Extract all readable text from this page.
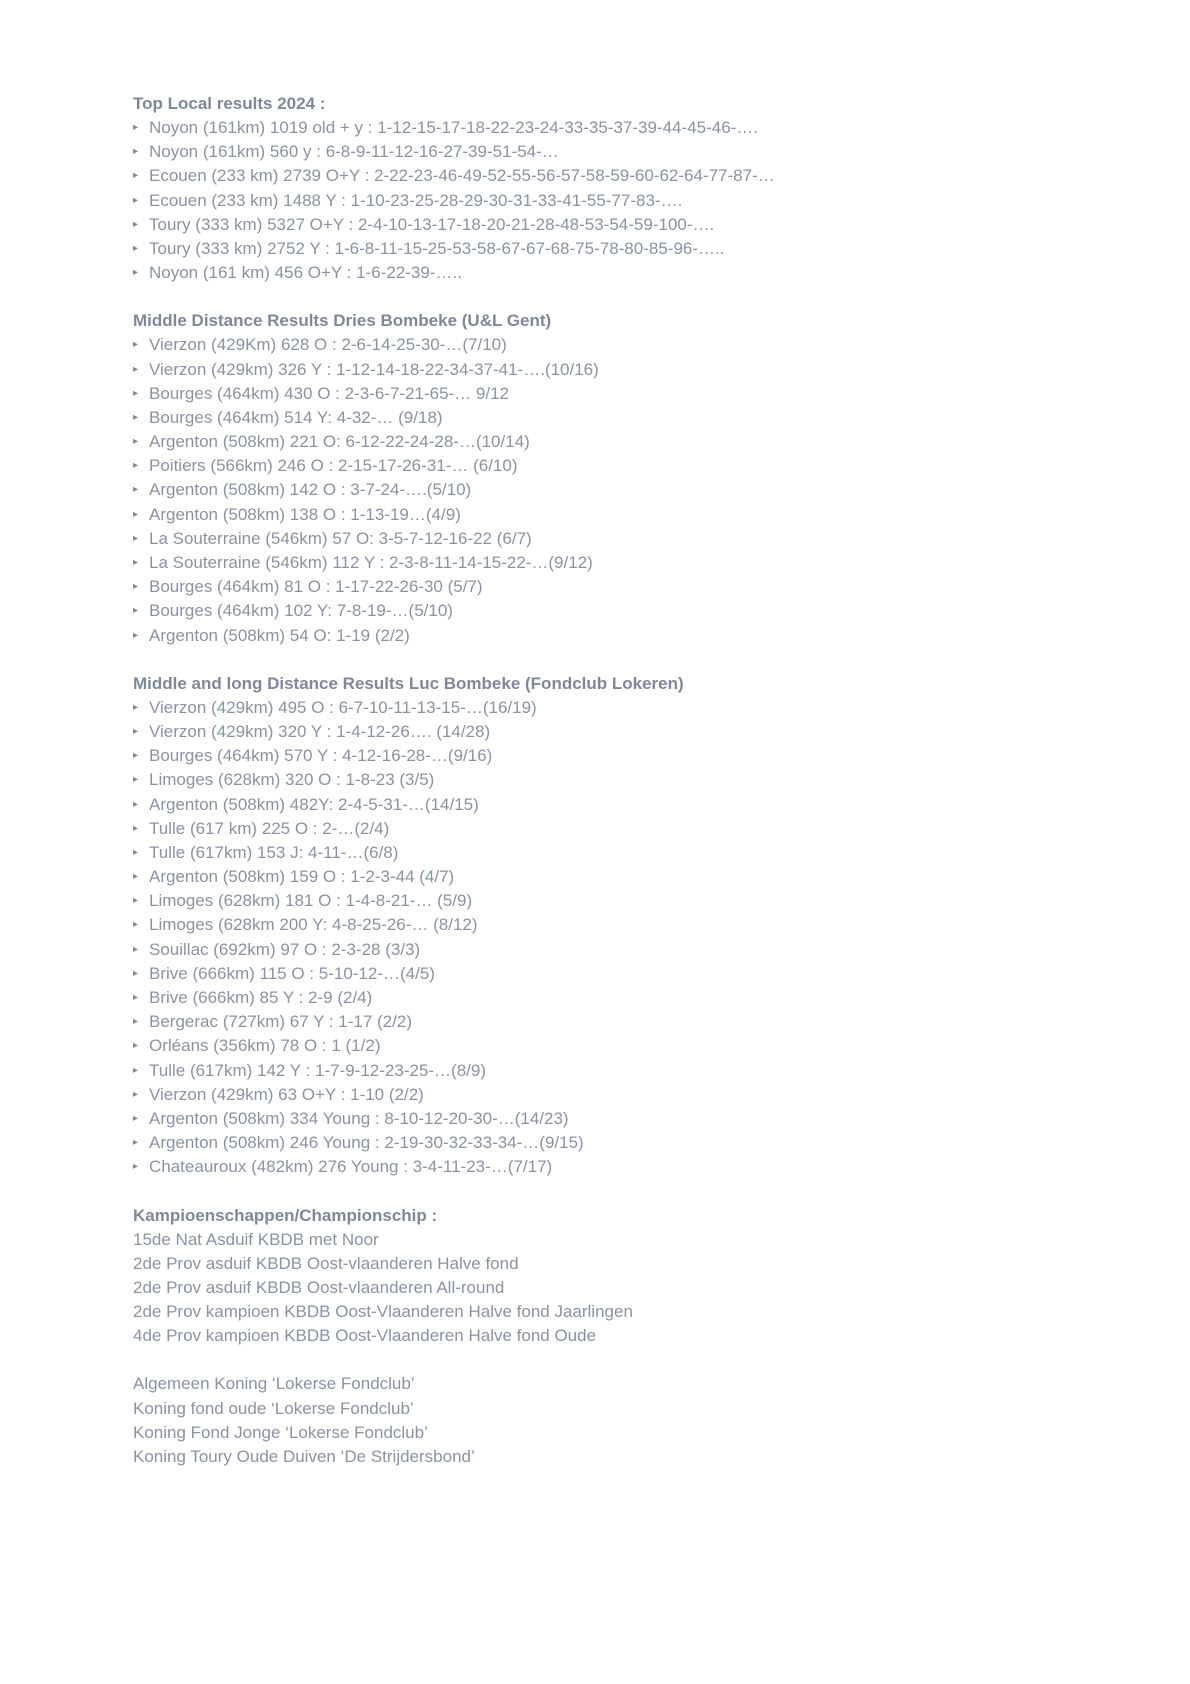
Top Local results 2024 :
▸ Noyon (161km) 1019 old + y : 1-12-15-17-18-22-23-24-33-35-37-39-44-45-46-….
▸ Noyon (161km) 560 y : 6-8-9-11-12-16-27-39-51-54-…
▸ Ecouen (233 km) 2739 O+Y : 2-22-23-46-49-52-55-56-57-58-59-60-62-64-77-87-…
▸ Ecouen (233 km) 1488 Y : 1-10-23-25-28-29-30-31-33-41-55-77-83-….
▸ Toury (333 km) 5327 O+Y : 2-4-10-13-17-18-20-21-28-48-53-54-59-100-….
▸ Toury (333 km) 2752 Y : 1-6-8-11-15-25-53-58-67-67-68-75-78-80-85-96-…..
▸ Noyon (161 km) 456 O+Y : 1-6-22-39-…..
Middle Distance Results Dries Bombeke (U&L Gent)
▸ Vierzon (429Km) 628 O : 2-6-14-25-30-…(7/10)
▸ Vierzon (429km) 326 Y : 1-12-14-18-22-34-37-41-….(10/16)
▸ Bourges (464km) 430 O : 2-3-6-7-21-65-… 9/12
▸ Bourges (464km) 514 Y: 4-32-… (9/18)
▸ Argenton (508km) 221 O: 6-12-22-24-28-…(10/14)
▸ Poitiers (566km) 246 O : 2-15-17-26-31-… (6/10)
▸ Argenton (508km) 142 O : 3-7-24-….(5/10)
▸ Argenton (508km) 138 O : 1-13-19…(4/9)
▸ La Souterraine (546km) 57 O: 3-5-7-12-16-22 (6/7)
▸ La Souterraine (546km) 112 Y : 2-3-8-11-14-15-22-…(9/12)
▸ Bourges (464km) 81 O : 1-17-22-26-30 (5/7)
▸ Bourges (464km) 102 Y: 7-8-19-…(5/10)
▸ Argenton (508km) 54 O: 1-19 (2/2)
Middle and long Distance Results Luc Bombeke (Fondclub Lokeren)
▸ Vierzon (429km) 495 O : 6-7-10-11-13-15-…(16/19)
▸ Vierzon (429km) 320 Y : 1-4-12-26…. (14/28)
▸ Bourges (464km) 570 Y : 4-12-16-28-…(9/16)
▸ Limoges (628km) 320 O : 1-8-23 (3/5)
▸ Argenton (508km) 482Y: 2-4-5-31-…(14/15)
▸ Tulle (617 km) 225 O : 2-…(2/4)
▸ Tulle (617km) 153 J: 4-11-…(6/8)
▸ Argenton (508km) 159 O : 1-2-3-44 (4/7)
▸ Limoges (628km) 181 O : 1-4-8-21-… (5/9)
▸ Limoges (628km 200 Y: 4-8-25-26-… (8/12)
▸ Souillac (692km) 97 O : 2-3-28 (3/3)
▸ Brive (666km) 115 O : 5-10-12-…(4/5)
▸ Brive (666km) 85 Y : 2-9 (2/4)
▸ Bergerac (727km) 67 Y : 1-17 (2/2)
▸ Orléans (356km) 78 O : 1 (1/2)
▸ Tulle (617km) 142 Y : 1-7-9-12-23-25-…(8/9)
▸ Vierzon (429km) 63 O+Y : 1-10 (2/2)
▸ Argenton (508km) 334 Young : 8-10-12-20-30-…(14/23)
▸ Argenton (508km) 246 Young : 2-19-30-32-33-34-…(9/15)
▸ Chateauroux (482km) 276 Young : 3-4-11-23-…(7/17)
Kampioenschappen/Championschip :
15de Nat Asduif KBDB met Noor
2de Prov asduif KBDB Oost-vlaanderen Halve fond
2de Prov asduif KBDB Oost-vlaanderen All-round
2de Prov kampioen KBDB Oost-Vlaanderen Halve fond Jaarlingen
4de Prov kampioen KBDB Oost-Vlaanderen Halve fond Oude
Algemeen Koning ‘Lokerse Fondclub’
Koning fond oude ‘Lokerse Fondclub’
Koning Fond Jonge ‘Lokerse Fondclub’
Koning Toury Oude Duiven ‘De Strijdersbond’
